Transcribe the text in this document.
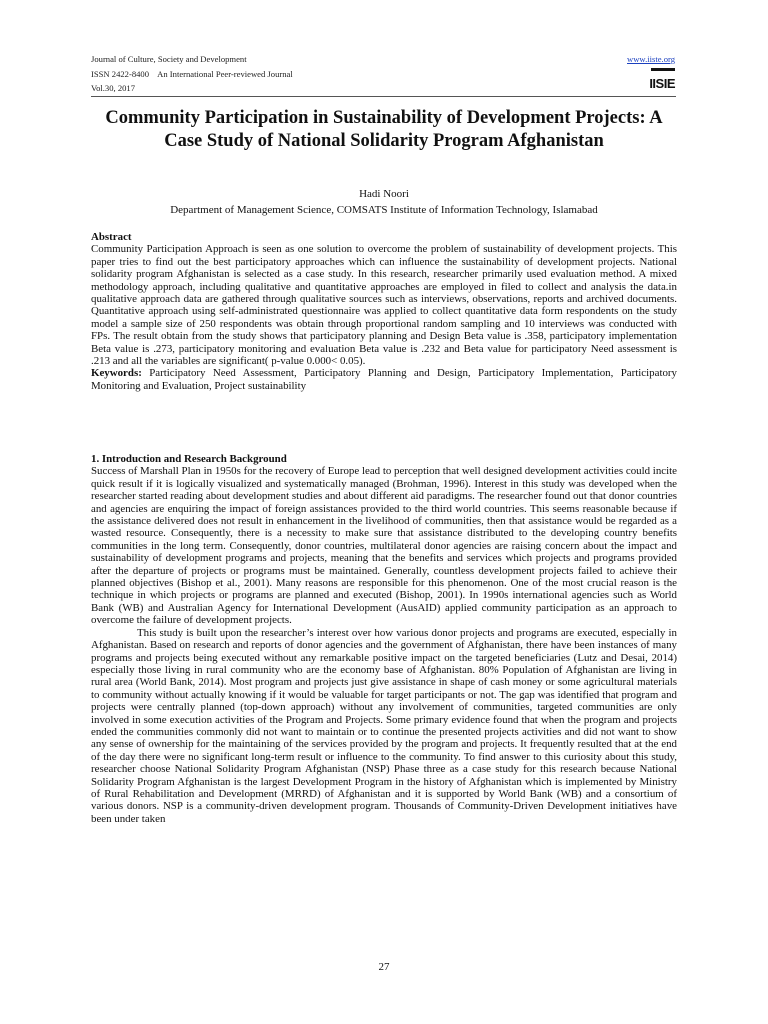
Journal of Culture, Society and Development
ISSN 2422-8400    An International Peer-reviewed Journal
Vol.30, 2017
www.iiste.org
IISIE
Community Participation in Sustainability of Development Projects: A Case Study of National Solidarity Program Afghanistan
Hadi Noori
Department of Management Science, COMSATS Institute of Information Technology, Islamabad

Abstract

Community Participation Approach is seen as one solution to overcome the problem of sustainability of development projects. This paper tries to find out the best participatory approaches which can influence the sustainability of development projects. National solidarity program Afghanistan is selected as a case study. In this research, researcher primarily used evaluation method. A mixed methodology approach, including qualitative and quantitative approaches are employed in filed to collect and analysis the data.in qualitative approach data are gathered through qualitative sources such as interviews, observations, reports and archived documents. Quantitative approach using self-administrated questionnaire was applied to collect quantitative data form respondents on the study model a sample size of 250 respondents was obtain through proportional random sampling and 10 interviews was conducted with FPs. The result obtain from the study shows that participatory planning and Design Beta value is .358, participatory implementation Beta value is .273, participatory monitoring and evaluation Beta value is .232 and Beta value for participatory Need assessment is .213 and all the variables are significant( p-value 0.000< 0.05).

Keywords: Participatory Need Assessment, Participatory Planning and Design, Participatory Implementation, Participatory Monitoring and Evaluation, Project sustainability

1. Introduction and Research Background

Success of Marshall Plan in 1950s for the recovery of Europe lead to perception that well designed development activities could incite quick result if it is logically visualized and systematically managed (Brohman, 1996). Interest in this study was developed when the researcher started reading about development studies and about different aid paradigms. The researcher found out that donor countries and agencies are enquiring the impact of foreign assistances provided to the third world countries. This seems reasonable because if the assistance delivered does not result in enhancement in the livelihood of communities, then that assistance would be regarded as a wasted resource. Consequently, there is a necessity to make sure that assistance distributed to the developing country benefits communities in the long term. Consequently, donor countries, multilateral donor agencies are raising concern about the impact and sustainability of development programs and projects, meaning that the benefits and services which projects and programs provided after the departure of projects or programs must be maintained. Generally, countless development projects failed to achieve their planned objectives (Bishop et al., 2001). Many reasons are responsible for this phenomenon. One of the most crucial reason is the technique in which projects or programs are planned and executed (Bishop, 2001). In 1990s international agencies such as World Bank (WB) and Australian Agency for International Development (AusAID) applied community participation as an approach to overcome the failure of development projects.

This study is built upon the researcher’s interest over how various donor projects and programs are executed, especially in Afghanistan. Based on research and reports of donor agencies and the government of Afghanistan, there have been instances of many programs and projects being executed without any remarkable positive impact on the targeted beneficiaries (Lutz and Desai, 2014) especially those living in rural community who are the economy base of Afghanistan. 80% Population of Afghanistan are living in rural area (World Bank, 2014). Most program and projects just give assistance in shape of cash money or some agricultural materials to community without actually knowing if it would be valuable for target participants or not. The gap was identified that program and projects were centrally planned (top-down approach) without any involvement of communities, targeted communities are only involved in some execution activities of the Program and Projects. Some primary evidence found that when the program and projects ended the communities commonly did not want to maintain or to continue the presented projects activities and did not want to show any sense of ownership for the maintaining of the services provided by the program and projects. It frequently resulted that at the end of the day there were no significant long-term result or influence to the community. To find answer to this curiosity about this study, researcher choose National Solidarity Program Afghanistan (NSP) Phase three as a case study for this research because National Solidarity Program Afghanistan is the largest Development Program in the history of Afghanistan which is implemented by Ministry of Rural Rehabilitation and Development (MRRD) of Afghanistan and it is supported by World Bank (WB) and a consortium of various donors. NSP is a community-driven development program. Thousands of Community-Driven Development initiatives have been under taken

27
